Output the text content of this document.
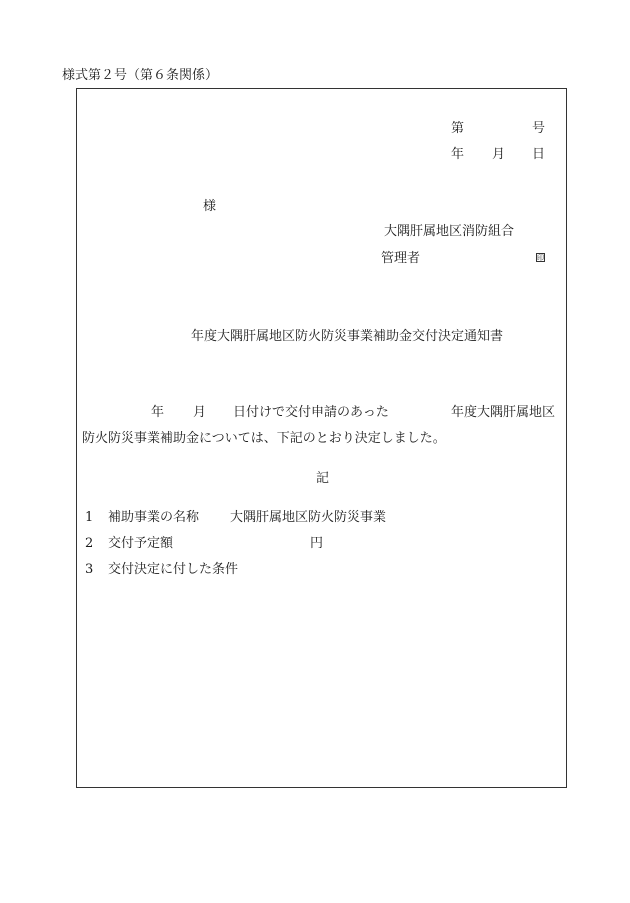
様式第２号（第６条関係）
第	号
年 月 日
様
大隅肝属地区消防組合
管理者	印
年度大隅肝属地区防火防災事業補助金交付決定通知書
年 月 日付けで交付申請のあった	年度大隅肝属地区
防火防災事業補助金については、下記のとおり決定しました。
記
1 補助事業の名称 大隅肝属地区防火防災事業
2 交付予定額	円
3 交付決定に付した条件
